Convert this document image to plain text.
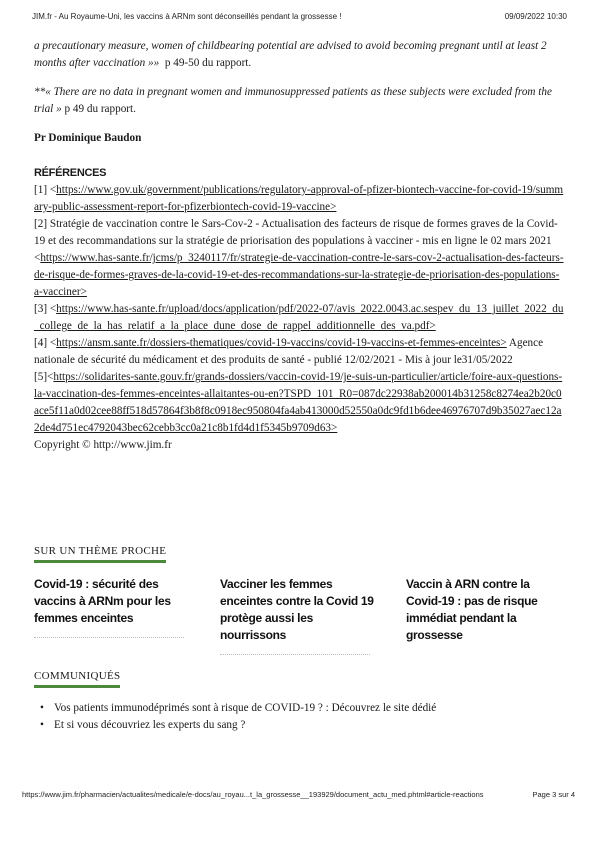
JIM.fr - Au Royaume-Uni, les vaccins à ARNm sont déconseillés pendant la grossesse !	09/09/2022 10:30

a precautionary measure, women of childbearing potential are advised to avoid becoming pregnant until at least 2 months after vaccination »» p 49-50 du rapport.

**« There are no data in pregnant women and immunosuppressed patients as these subjects were excluded from the trial » p 49 du rapport.

Pr Dominique Baudon

RÉFÉRENCES

[1] <https://www.gov.uk/government/publications/regulatory-approval-of-pfizer-biontech-vaccine-for-covid-19/summary-public-assessment-report-for-pfizerbiontech-covid-19-vaccine>

[2] Stratégie de vaccination contre le Sars-Cov-2 - Actualisation des facteurs de risque de formes graves de la Covid-19 et des recommandations sur la stratégie de priorisation des populations à vacciner - mis en ligne le 02 mars 2021 <https://www.has-sante.fr/jcms/p_3240117/fr/strategie-de-vaccination-contre-le-sars-cov-2-actualisation-des-facteurs-de-risque-de-formes-graves-de-la-covid-19-et-des-recommandations-sur-la-strategie-de-priorisation-des-populations-a-vacciner>

[3] <https://www.has-sante.fr/upload/docs/application/pdf/2022-07/avis_2022.0043.ac.sespev_du_13_juillet_2022_du_college_de_la_has_relatif_a_la_place_dune_dose_de_rappel_additionnelle_des_va.pdf>

[4] <https://ansm.sante.fr/dossiers-thematiques/covid-19-vaccins/covid-19-vaccins-et-femmes-enceintes> Agence nationale de sécurité du médicament et des produits de santé - publié 12/02/2021 - Mis à jour le31/05/2022

[5]<https://solidarites-sante.gouv.fr/grands-dossiers/vaccin-covid-19/je-suis-un-particulier/article/foire-aux-questions-la-vaccination-des-femmes-enceintes-allaitantes-ou-en?TSPD_101_R0=087dc22938ab200014b31258c8274ea2b20c0ace5f11a0d02cee88ff518d57864f3b8f8c0918ec950804fa4ab413000d52550a0dc9fd1b6dee46976707d9b35027aec12a2de4d751ec4792043bec62cebb3cc0a21c8b1fd4d1f5345b9709d63>

Copyright © http://www.jim.fr

SUR UN THÈME PROCHE
Covid-19 : sécurité des vaccins à ARNm pour les femmes enceintes
Vacciner les femmes enceintes contre la Covid 19 protège aussi les nourrissons
Vaccin à ARN contre la Covid-19 : pas de risque immédiat pendant la grossesse
COMMUNIQUÉS
• Vos patients immunodéprimés sont à risque de COVID-19 ? : Découvrez le site dédié
• Et si vous découvriez les experts du sang ?
https://www.jim.fr/pharmacien/actualites/medicale/e-docs/au_royau...t_la_grossesse__193929/document_actu_med.phtml#article-reactions	Page 3 sur 4
